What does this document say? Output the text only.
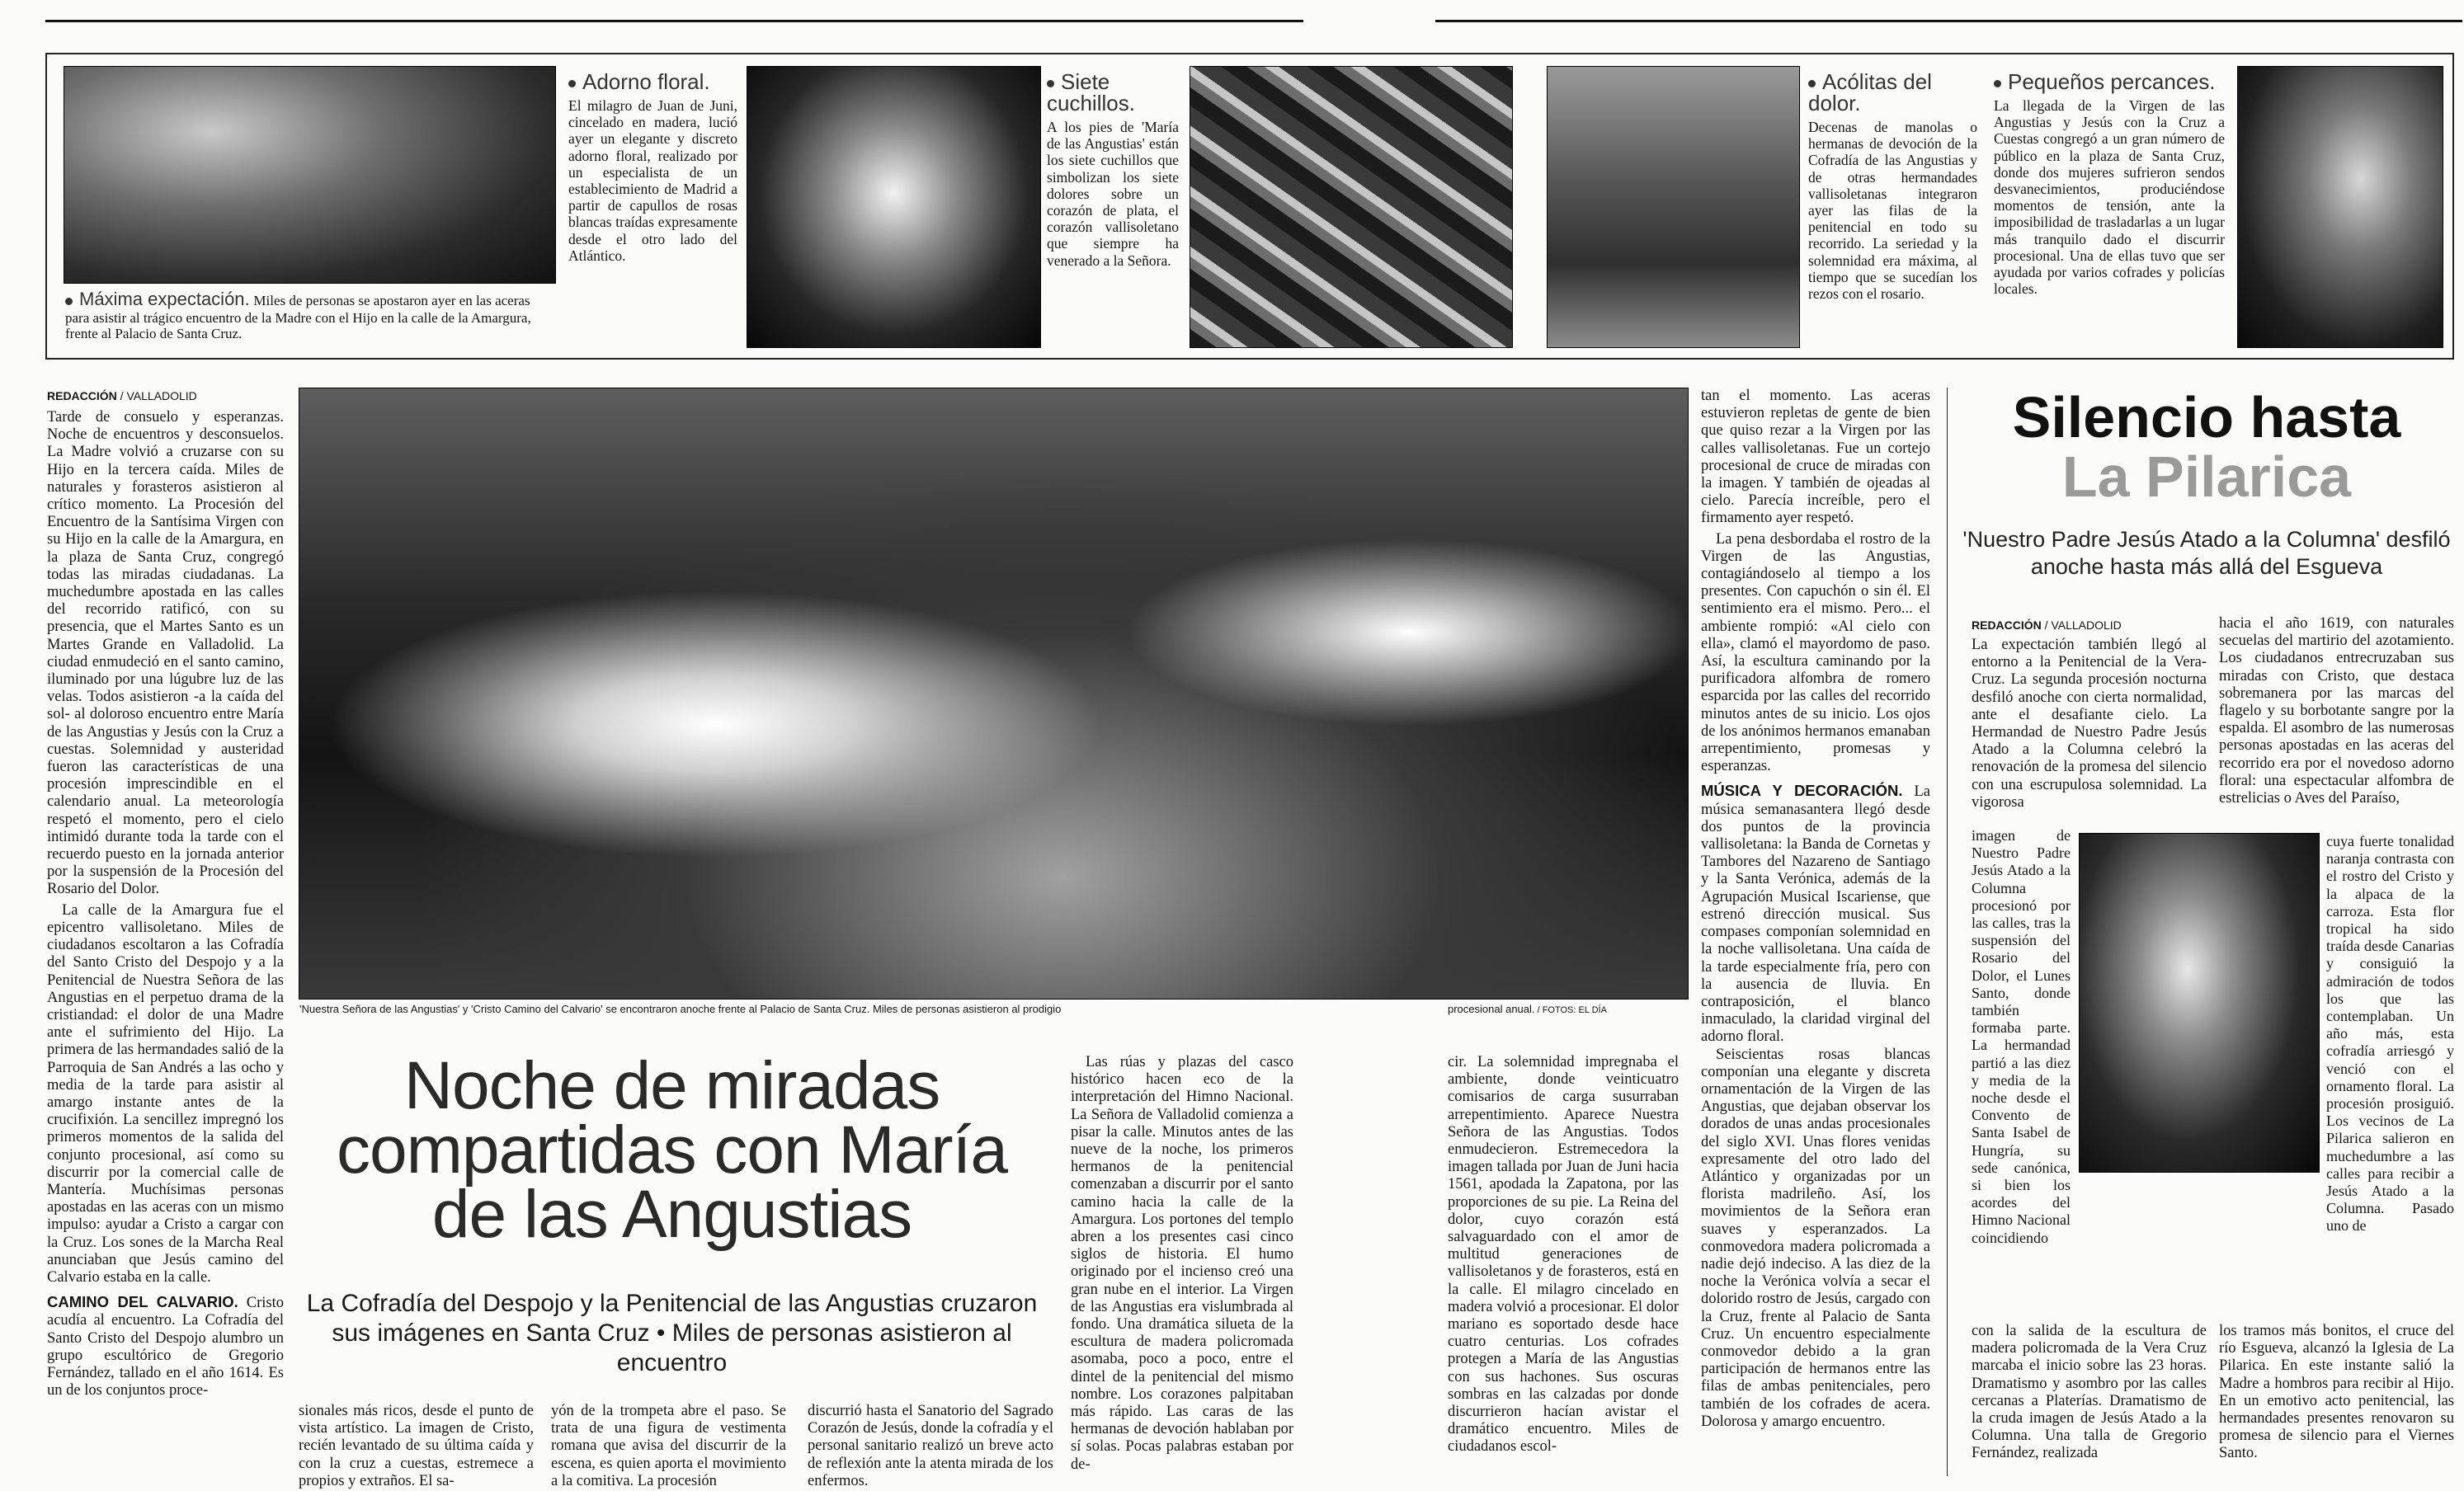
Máxima expectación. Miles de personas se apostaron ayer en las aceras para asistir al trágico encuentro de la Madre con el Hijo en la calle de la Amargura, frente al Palacio de Santa Cruz.
Adorno floral.

El milagro de Juan de Juni, cincelado en madera, lució ayer un elegante y discreto adorno floral, realizado por un especialista de un establecimiento de Madrid a partir de capullos de rosas blancas traídas expresamente desde el otro lado del Atlántico.

Siete cuchillos.

A los pies de 'María de las Angustias' están los siete cuchillos que simbolizan los siete dolores sobre un corazón de plata, el corazón vallisoletano que siempre ha venerado a la Señora.

Acólitas del dolor.

Decenas de manolas o hermanas de devoción de la Cofradía de las Angustias y de otras hermandades vallisoletanas integraron ayer las filas de la penitencial en todo su recorrido. La seriedad y la solemnidad era máxima, al tiempo que se sucedían los rezos con el rosario.

Pequeños percances.

La llegada de la Virgen de las Angustias y Jesús con la Cruz a Cuestas congregó a un gran número de público en la plaza de Santa Cruz, donde dos mujeres sufrieron sendos desvanecimientos, produciéndose momentos de tensión, ante la imposibilidad de trasladarlas a un lugar más tranquilo dado el discurrir procesional. Una de ellas tuvo que ser ayudada por varios cofrades y policías locales.

REDACCIÓN / VALLADOLID

Tarde de consuelo y esperanzas. Noche de encuentros y desconsuelos. La Madre volvió a cruzarse con su Hijo en la tercera caída. Miles de naturales y forasteros asistieron al crítico momento. La Procesión del Encuentro de la Santísima Virgen con su Hijo en la calle de la Amargura, en la plaza de Santa Cruz, congregó todas las miradas ciudadanas. La muchedumbre apostada en las calles del recorrido ratificó, con su presencia, que el Martes Santo es un Martes Grande en Valladolid. La ciudad enmudeció en el santo camino, iluminado por una lúgubre luz de las velas. Todos asistieron -a la caída del sol- al doloroso encuentro entre María de las Angustias y Jesús con la Cruz a cuestas. Solemnidad y austeridad fueron las características de una procesión imprescindible en el calendario anual. La meteorología respetó el momento, pero el cielo intimidó durante toda la tarde con el recuerdo puesto en la jornada anterior por la suspensión de la Procesión del Rosario del Dolor.

La calle de la Amargura fue el epicentro vallisoletano. Miles de ciudadanos escoltaron a las Cofradía del Santo Cristo del Despojo y a la Penitencial de Nuestra Señora de las Angustias en el perpetuo drama de la cristiandad: el dolor de una Madre ante el sufrimiento del Hijo. La primera de las hermandades salió de la Parroquia de San Andrés a las ocho y media de la tarde para asistir al amargo instante antes de la crucifixión. La sencillez impregnó los primeros momentos de la salida del conjunto procesional, así como su discurrir por la comercial calle de Mantería. Muchísimas personas apostadas en las aceras con un mismo impulso: ayudar a Cristo a cargar con la Cruz. Los sones de la Marcha Real anunciaban que Jesús camino del Calvario estaba en la calle.

CAMINO DEL CALVARIO. Cristo acudía al encuentro. La Cofradía del Santo Cristo del Despojo alumbro un grupo escultórico de Gregorio Fernández, tallado en el año 1614. Es un de los conjuntos proce-

'Nuestra Señora de las Angustias' y 'Cristo Camino del Calvario' se encontraron anoche frente al Palacio de Santa Cruz. Miles de personas asistieron al prodigio	procesional anual. / FOTOS: EL DÍA
Noche de miradas compartidas con María de las Angustias
La Cofradía del Despojo y la Penitencial de las Angustias cruzaron sus imágenes en Santa Cruz • Miles de personas asistieron al encuentro

sionales más ricos, desde el punto de vista artístico. La imagen de Cristo, recién levantado de su última caída y con la cruz a cuestas, estremece a propios y extraños. El sa-

yón de la trompeta abre el paso. Se trata de una figura de vestimenta romana que avisa del discurrir de la escena, es quien aporta el movimiento a la comitiva. La procesión

Las rúas y plazas del casco histórico hacen eco de la interpretación del Himno Nacional. La Señora de Valladolid comienza a pisar la calle. Minutos antes de las nueve de la noche, los primeros hermanos de la penitencial comenzaban a discurrir por el santo camino hacia la calle de la Amargura. Los portones del templo abren a los presentes casi cinco siglos de historia. El humo originado por el incienso creó una gran nube en el interior. La Virgen de las Angustias era vislumbrada al fondo. Una dramática silueta de la escultura de madera policromada asomaba, poco a poco, entre el dintel de la penitencial del mismo nombre. Los corazones palpitaban más rápido. Las caras de las hermanas de devoción hablaban por sí solas. Pocas palabras estaban por de-

discurrió hasta el Sanatorio del Sagrado Corazón de Jesús, donde la cofradía y el personal sanitario realizó un breve acto de reflexión ante la atenta mirada de los enfermos.

cir. La solemnidad impregnaba el ambiente, donde veinticuatro comisarios de carga susurraban arrepentimiento. Aparece Nuestra Señora de las Angustias. Todos enmudecieron. Estremecedora la imagen tallada por Juan de Juni hacia 1561, apodada la Zapatona, por las proporciones de su pie. La Reina del dolor, cuyo corazón está salvaguardado con el amor de multitud generaciones de vallisoletanos y de forasteros, está en la calle. El milagro cincelado en madera volvió a procesionar. El dolor mariano es soportado desde hace cuatro centurias. Los cofrades protegen a María de las Angustias con sus hachones. Sus oscuras sombras en las calzadas por donde discurrieron hacían avistar el dramático encuentro. Miles de ciudadanos escol-

tan el momento. Las aceras estuvieron repletas de gente de bien que quiso rezar a la Virgen por las calles vallisoletanas. Fue un cortejo procesional de cruce de miradas con la imagen. Y también de ojeadas al cielo. Parecía increíble, pero el firmamento ayer respetó.

La pena desbordaba el rostro de la Virgen de las Angustias, contagiándoselo al tiempo a los presentes. Con capuchón o sin él. El sentimiento era el mismo. Pero... el ambiente rompió: «Al cielo con ella», clamó el mayordomo de paso. Así, la escultura caminando por la purificadora alfombra de romero esparcida por las calles del recorrido minutos antes de su inicio. Los ojos de los anónimos hermanos emanaban arrepentimiento, promesas y esperanzas.

MÚSICA Y DECORACIÓN. La música semanasantera llegó desde dos puntos de la provincia vallisoletana: la Banda de Cornetas y Tambores del Nazareno de Santiago y la Santa Verónica, además de la Agrupación Musical Iscariense, que estrenó dirección musical. Sus compases componían solemnidad en la noche vallisoletana. Una caída de la tarde especialmente fría, pero con la ausencia de lluvia. En contraposición, el blanco inmaculado, la claridad virginal del adorno floral.

Seiscientas rosas blancas componían una elegante y discreta ornamentación de la Virgen de las Angustias, que dejaban observar los dorados de unas andas procesionales del siglo XVI. Unas flores venidas expresamente del otro lado del Atlántico y organizadas por un florista madrileño. Así, los movimientos de la Señora eran suaves y esperanzados. La conmovedora madera policromada a nadie dejó indeciso. A las diez de la noche la Verónica volvía a secar el dolorido rostro de Jesús, cargado con la Cruz, frente al Palacio de Santa Cruz. Un encuentro especialmente conmovedor debido a la gran participación de hermanos entre las filas de ambas penitenciales, pero también de los cofrades de acera. Dolorosa y amargo encuentro.

Silencio hasta
La Pilarica
'Nuestro Padre Jesús Atado a la Columna' desfiló anoche hasta más allá del Esgueva
REDACCIÓN / VALLADOLID

La expectación también llegó al entorno a la Penitencial de la Vera-Cruz. La segunda procesión nocturna desfiló anoche con cierta normalidad, ante el desafiante cielo. La Hermandad de Nuestro Padre Jesús Atado a la Columna celebró la renovación de la promesa del silencio con una escrupulosa solemnidad. La vigorosa

imagen de Nuestro Padre Jesús Atado a la Columna procesionó por las calles, tras la suspensión del Rosario del Dolor, el Lunes Santo, donde también formaba parte. La hermandad partió a las diez y media de la noche desde el Convento de Santa Isabel de Hungría, su sede canónica, si bien los acordes del Himno Nacional coincidiendo

con la salida de la escultura de madera policromada de la Vera Cruz marcaba el inicio sobre las 23 horas. Dramatismo y asombro por las calles cercanas a Platerías. Dramatismo de la cruda imagen de Jesús Atado a la Columna. Una talla de Gregorio Fernández, realizada

hacia el año 1619, con naturales secuelas del martirio del azotamiento. Los ciudadanos entrecruzaban sus miradas con Cristo, que destaca sobremanera por las marcas del flagelo y su borbotante sangre por la espalda. El asombro de las numerosas personas apostadas en las aceras del recorrido era por el novedoso adorno floral: una espectacular alfombra de estrelicias o Aves del Paraíso,

cuya fuerte tonalidad naranja contrasta con el rostro del Cristo y la alpaca de la carroza. Esta flor tropical ha sido traída desde Canarias y consiguió la admiración de todos los que las contemplaban. Un año más, esta cofradía arriesgó y venció con el ornamento floral. La procesión prosiguió. Los vecinos de La Pilarica salieron en muchedumbre a las calles para recibir a Jesús Atado a la Columna. Pasado uno de

los tramos más bonitos, el cruce del río Esgueva, alcanzó la Iglesia de La Pilarica. En este instante salió la Madre a hombros para recibir al Hijo. En un emotivo acto penitencial, las hermandades presentes renovaron su promesa de silencio para el Viernes Santo.
